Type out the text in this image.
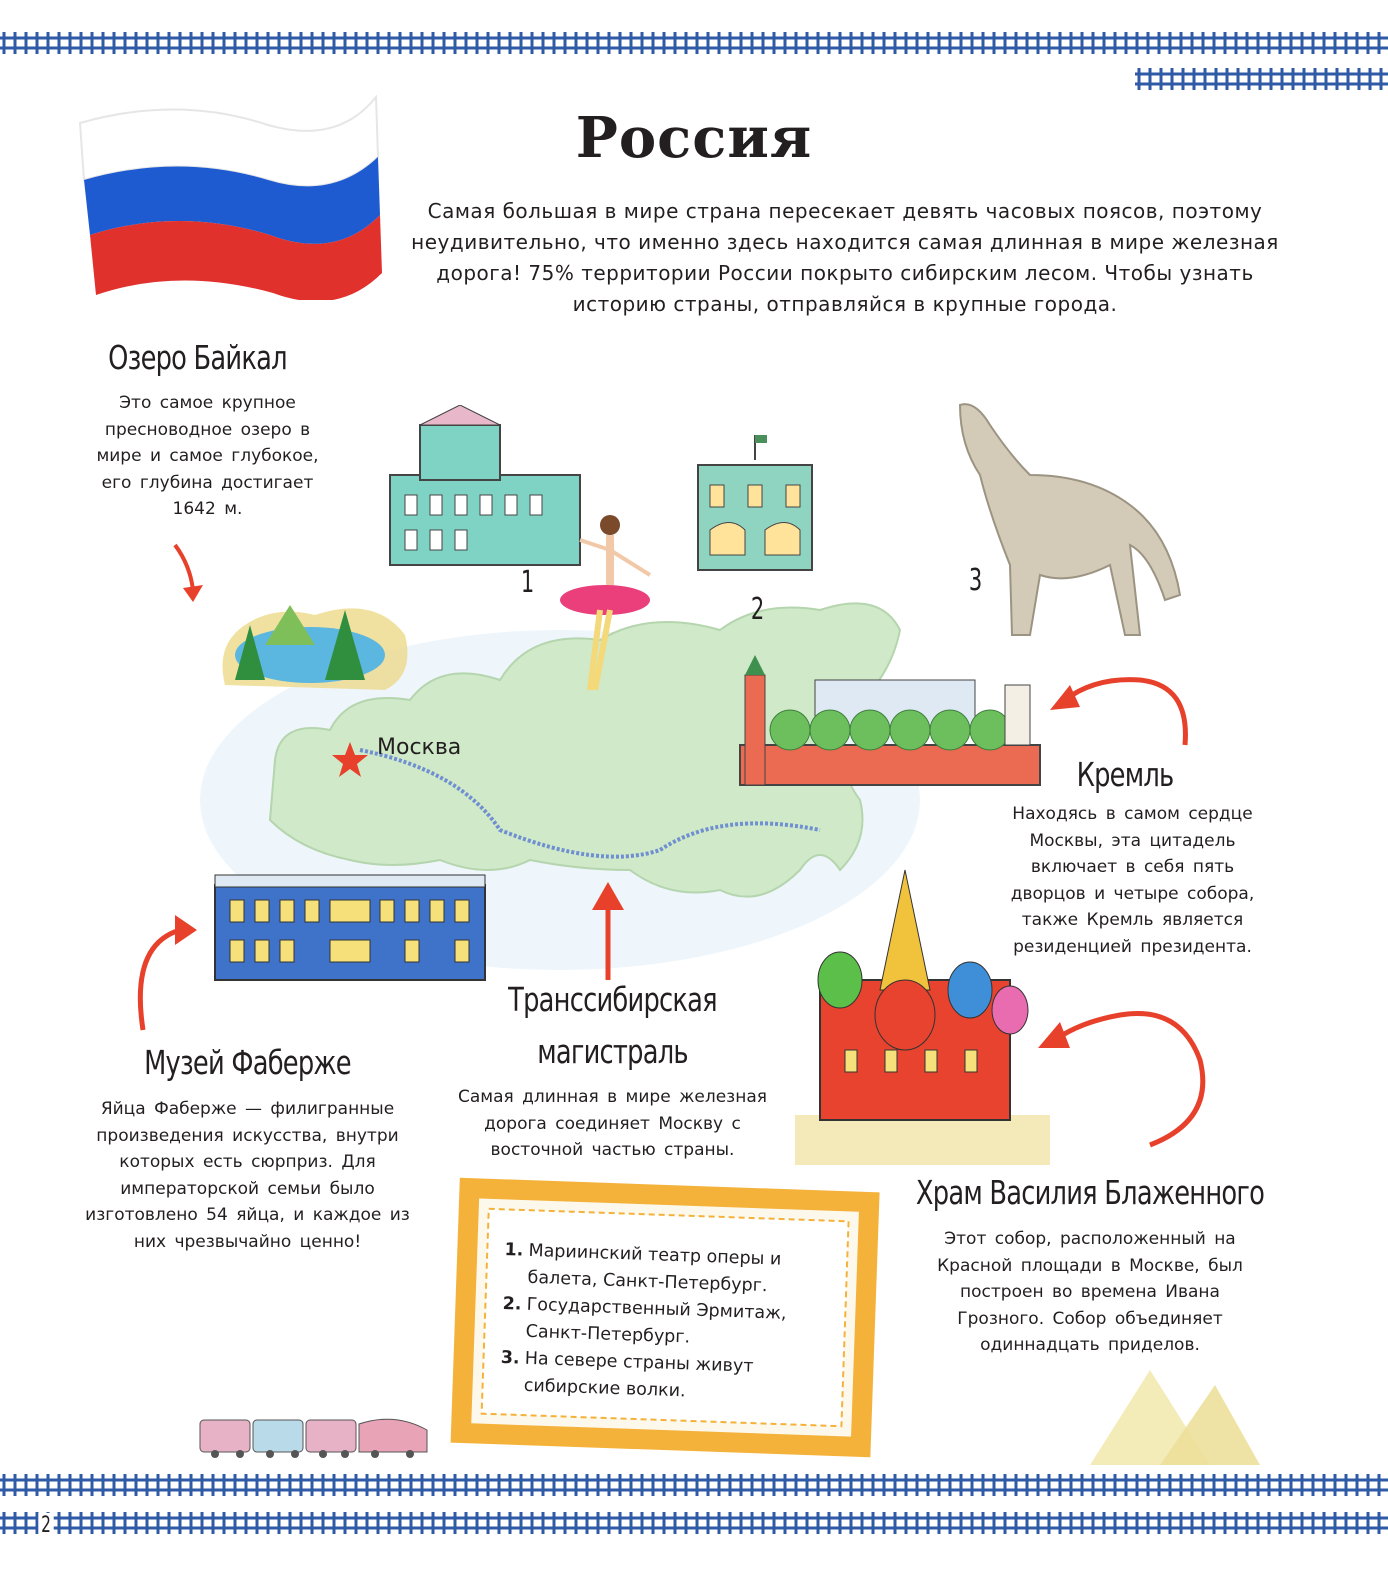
Россия
Самая большая в мире страна пересекает девять часовых поясов, поэтому неудивительно, что именно здесь находится самая длинная в мире железная дорога! 75% территории России покрыто сибирским лесом. Чтобы узнать историю страны, отправляйся в крупные города.
Москва
1
2
3
Озеро Байкал
Это самое крупное пресноводное озеро в мире и самое глубокое, его глубина достигает 1642 м.
Кремль
Находясь в самом сердце Москвы, эта цитадель включает в себя пять дворцов и четыре собора, также Кремль является резиденцией президента.
Музей Фаберже
Яйца Фаберже — филигранные произведения искусства, внутри которых есть сюрприз. Для императорской семьи было изготовлено 54 яйца, и каждое из них чрезвычайно ценно!
Транссибирская
магистраль
Самая длинная в мире железная дорога соединяет Москву с восточной частью страны.
Храм Василия Блаженного
Этот собор, расположенный на Красной площади в Москве, был построен во времена Ивана Грозного. Собор объединяет одиннадцать приделов.
1. Мариинский театр оперы и балета, Санкт-Петербург.
2. Государственный Эрмитаж, Санкт-Петербург.
3. На севере страны живут сибирские волки.
2
